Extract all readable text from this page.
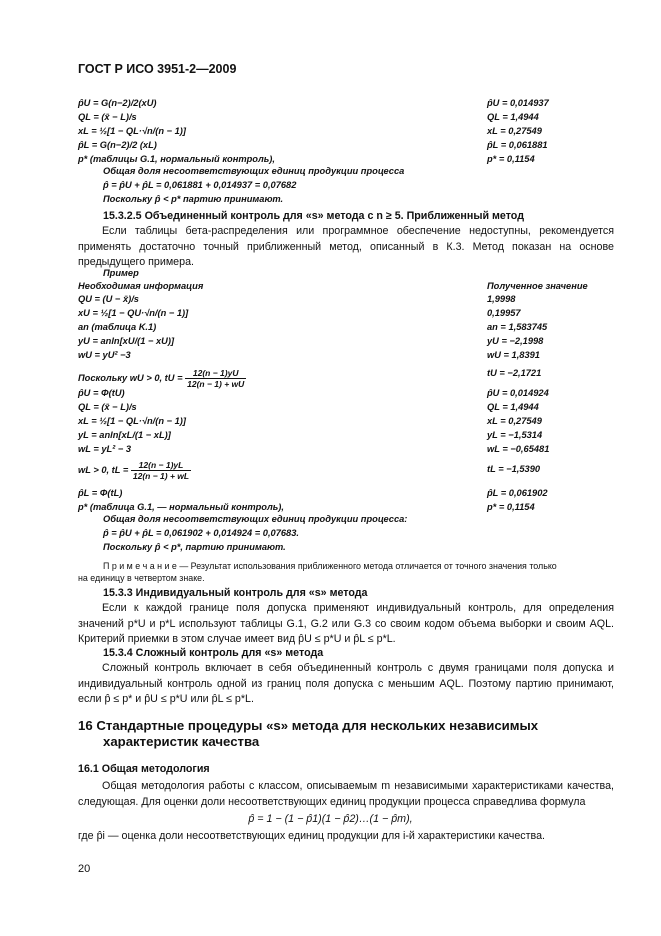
ГОСТ Р ИСО 3951-2—2009
p̂U = G(n−2)/2(xU)
QL = (x̄ − L)/s
xL = ½[1 − QL·√n/(n − 1)]
p̂L = G(n−2)/2 (xL)
p* (таблицы G.1, нормальный контроль),
p̂U = 0,014937
QL = 1,4944
xL = 0,27549
p̂L = 0,061881
p* = 0,1154
Общая доля несоответствующих единиц продукции процесса
p̂ = p̂U + p̂L = 0,061881 + 0,014937 = 0,07682
Поскольку p̂ < p* партию принимают.
15.3.2.5 Объединенный контроль для «s» метода с n ≥ 5. Приближенный метод
Если таблицы бета-распределения или программное обеспечение недоступны, рекомендуется применять достаточно точный приближенный метод, описанный в К.3. Метод показан на основе предыдущего примера.
Пример
Необходимая информация	Полученное значение
QU = (U − x̄)/s
xU = ½[1 − QU·√n/(n − 1)]
an (таблица K.1)
yU = anln[xU/(1 − xU)]
wU = yU² −3
Поскольку wU > 0, tU = $\frac{12(n - 1)yU}{12(n - 1) + wU}$
p̂U = Φ(tU)
QL = (x̄ − L)/s
xL = ½[1 − QL·√n/(n − 1)]
yL = anln[xL/(1 − xL)]
wL = yL² − 3
wL > 0, tL = $\frac{12(n - 1)yL}{12(n - 1) + wL}$
p̂L = Φ(tL)
p* (таблица G.1, — нормальный контроль),
1,9998
0,19957
an = 1,583745
yU = −2,1998
wU = 1,8391
tU = −2,1721
p̂U = 0,014924
QL = 1,4944
xL = 0,27549
yL = −1,5314
wL = −0,65481
tL = −1,5390
p̂L = 0,061902
p* = 0,1154
Общая доля несоответствующих единиц продукции процесса:
p̂ = p̂U + p̂L = 0,061902 + 0,014924 = 0,07683.
Поскольку p̂ < p*, партию принимают.
П р и м е ч а н и е — Результат использования приближенного метода отличается от точного значения только
на единицу в четвертом знаке.
15.3.3 Индивидуальный контроль для «s» метода
Если к каждой границе поля допуска применяют индивидуальный контроль, для определения значений p*U и p*L используют таблицы G.1, G.2 или G.3 со своим кодом объема выборки и своим AQL. Критерий приемки в этом случае имеет вид p̂U ≤ p*U и p̂L ≤ p*L.
15.3.4 Сложный контроль для «s» метода
Сложный контроль включает в себя объединенный контроль с двумя границами поля допуска и индивидуальный контроль одной из границ поля допуска с меньшим AQL. Поэтому партию принимают, если p̂ ≤ p* и p̂U ≤ p*U или p̂L ≤ p*L.
16 Стандартные процедуры «s» метода для нескольких независимых
характеристик качества
16.1 Общая методология
Общая методология работы с классом, описываемым m независимыми характеристиками качества, следующая. Для оценки доли несоответствующих единиц продукции процесса справедлива формула
p̂ = 1 − (1 − p̂1)(1 − p̂2)…(1 − p̂m),
где p̂i — оценка доли несоответствующих единиц продукции для i-й характеристики качества.
20
